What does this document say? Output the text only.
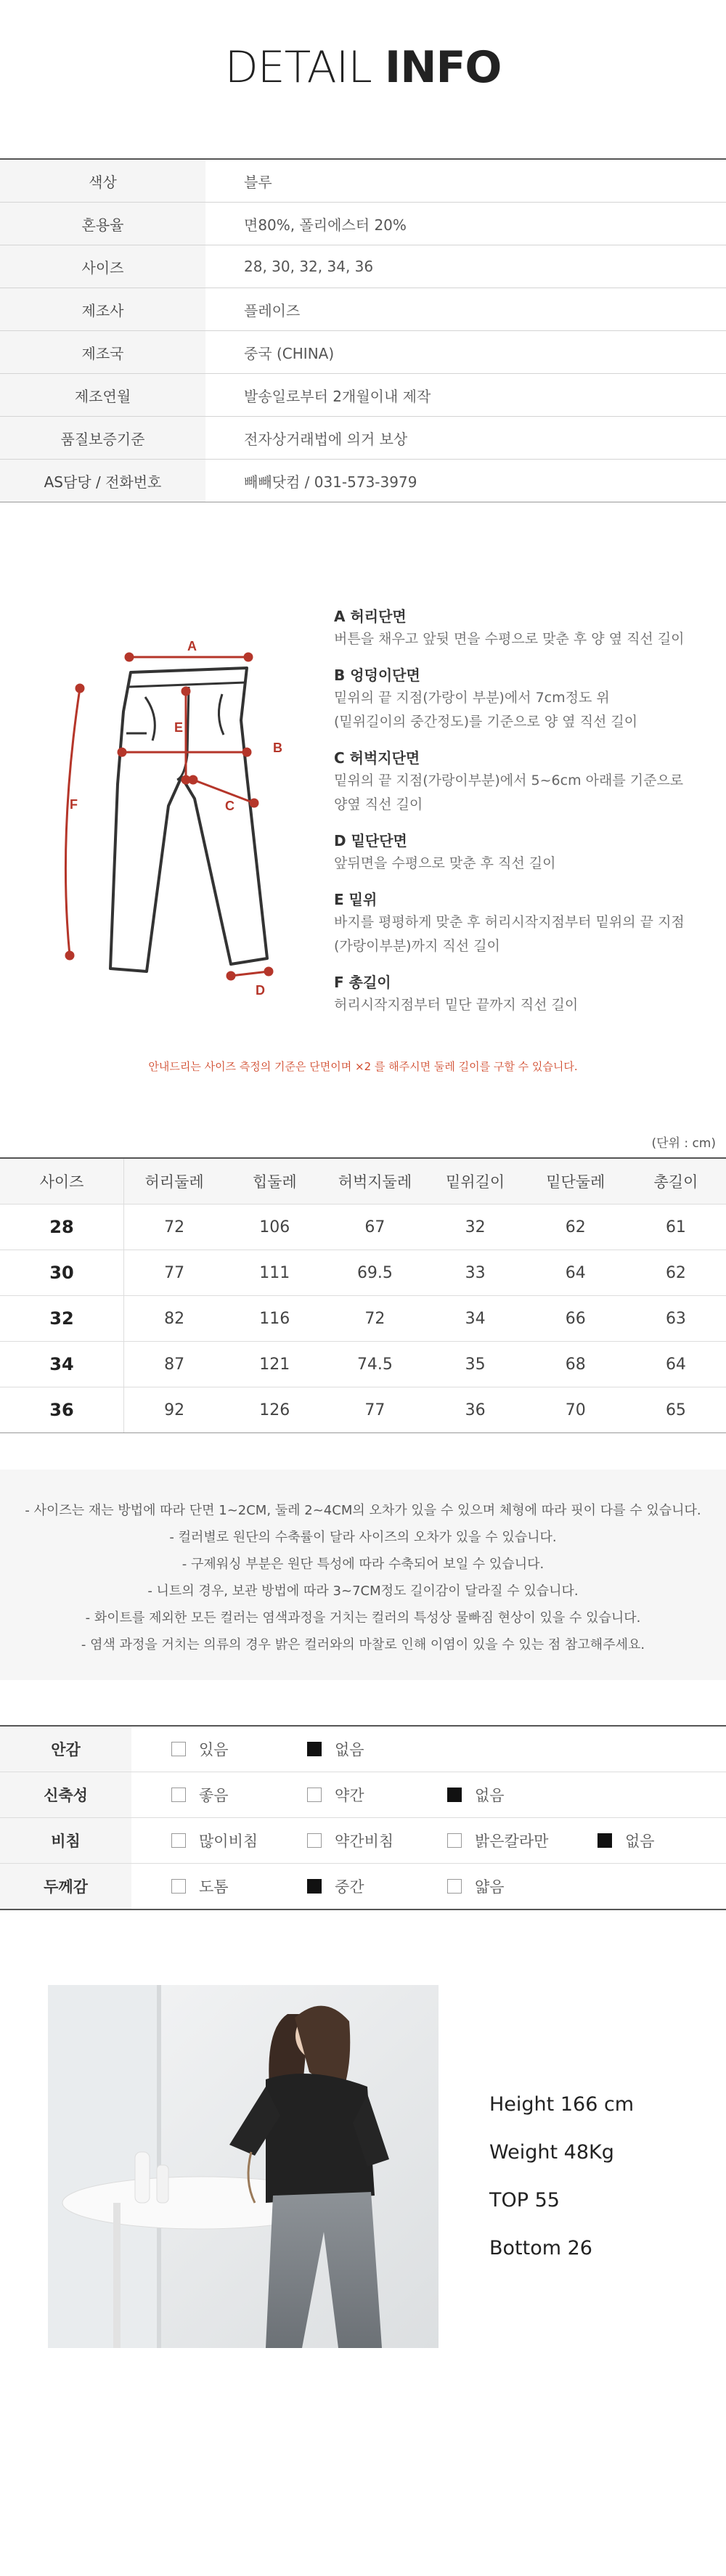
DETAIL INFO
색상	블루
혼용율	면80%, 폴리에스터 20%
사이즈	28, 30, 32, 34, 36
제조사	플레이즈
제조국	중국 (CHINA)
제조연월	발송일로부터 2개월이내 제작
품질보증기준	전자상거래법에 의거 보상
AS담당 / 전화번호	빼빼닷컴 / 031-573-3979
A
B
C
D
E
F
A 허리단면
버튼을 채우고 앞뒷 면을 수평으로 맞춘 후 양 옆 직선 길이
B 엉덩이단면
밑위의 끝 지점(가랑이 부분)에서 7cm정도 위
(밑위길이의 중간정도)를 기준으로 양 옆 직선 길이
C 허벅지단면
밑위의 끝 지점(가랑이부분)에서 5~6cm 아래를 기준으로
양옆 직선 길이
D 밑단단면
앞뒤면을 수평으로 맞춘 후 직선 길이
E 밑위
바지를 평평하게 맞춘 후 허리시작지점부터 밑위의 끝 지점
(가랑이부분)까지 직선 길이
F 총길이
허리시작지점부터 밑단 끝까지 직선 길이
안내드리는 사이즈 측정의 기준은 단면이며 ×2 를 해주시면 둘레 길이를 구할 수 있습니다.
(단위 : cm)
사이즈	허리둘레	힙둘레	허벅지둘레	밑위길이	밑단둘레	총길이
28	72	106	67	32	62	61
30	77	111	69.5	33	64	62
32	82	116	72	34	66	63
34	87	121	74.5	35	68	64
36	92	126	77	36	70	65
- 사이즈는 재는 방법에 따라 단면 1~2CM, 둘레 2~4CM의 오차가 있을 수 있으며 체형에 따라 핏이 다를 수 있습니다.
- 컬러별로 원단의 수축률이 달라 사이즈의 오차가 있을 수 있습니다.
- 구제워싱 부분은 원단 특성에 따라 수축되어 보일 수 있습니다.
- 니트의 경우, 보관 방법에 따라 3~7CM정도 길이감이 달라질 수 있습니다.
- 화이트를 제외한 모든 컬러는 염색과정을 거치는 컬러의 특성상 물빠짐 현상이 있을 수 있습니다.
- 염색 과정을 거치는 의류의 경우 밝은 컬러와의 마찰로 인해 이염이 있을 수 있는 점 참고해주세요.
안감	있음	없음
신축성	좋음	약간	없음
비침	많이비침	약간비침	밝은칼라만	없음
두께감	도톰	중간	얇음
Height 166 cm
Weight 48Kg
TOP 55
Bottom 26
